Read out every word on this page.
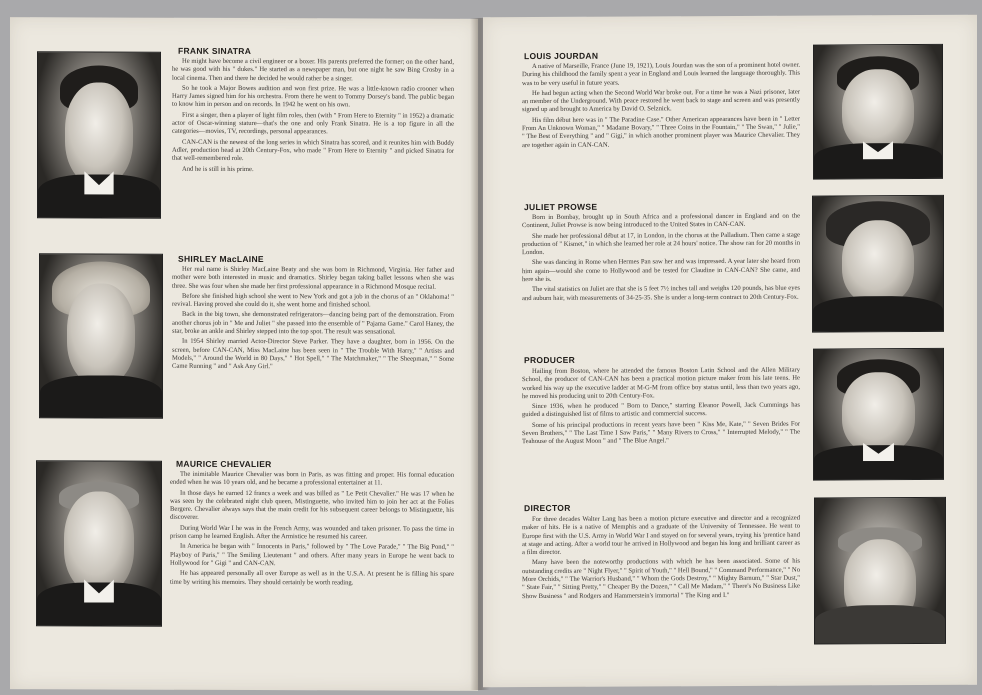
FRANK SINATRA

He might have become a civil engineer or a boxer. His parents preferred the former; on the other hand, he was good with his " dukes." He started as a newspaper man, but one night he saw Bing Crosby in a local cinema. Then and there he decided he would rather be a singer.

So he took a Major Bowes audition and won first prize. He was a little-known radio crooner when Harry James signed him for his orchestra. From there he went to Tommy Dorsey's band. The public began to know him in person and on records. In 1942 he went on his own.

First a singer, then a player of light film roles, then (with " From Here to Eternity " in 1952) a dramatic actor of Oscar-winning stature—that's the one and only Frank Sinatra. He is a top figure in all the categories—movies, TV, recordings, personal appearances.

CAN-CAN is the newest of the long series in which Sinatra has scored, and it reunites him with Buddy Adler, production head at 20th Century-Fox, who made " From Here to Eternity " and picked Sinatra for that well-remembered role.

And he is still in his prime.

SHIRLEY MacLAINE

Her real name is Shirley MacLaine Beaty and she was born in Richmond, Virginia. Her father and mother were both interested in music and dramatics. Shirley began taking ballet lessons when she was three. She was four when she made her first professional appearance in a Richmond Mosque recital.

Before she finished high school she went to New York and got a job in the chorus of an " Oklahoma! " revival. Having proved she could do it, she went home and finished school.

Back in the big town, she demonstrated refrigerators—dancing being part of the demonstration. From another chorus job in " Me and Juliet " she passed into the ensemble of " Pajama Game." Carol Haney, the star, broke an ankle and Shirley stepped into the top spot. The result was sensational.

In 1954 Shirley married Actor-Director Steve Parker. They have a daughter, born in 1956. On the screen, before CAN-CAN, Miss MacLaine has been seen in " The Trouble With Harry," " Artists and Models," " Around the World in 80 Days," " Hot Spell," " The Matchmaker," " The Sheepman," " Some Came Running " and " Ask Any Girl."

MAURICE CHEVALIER

The inimitable Maurice Chevalier was born in Paris, as was fitting and proper. His formal education ended when he was 10 years old, and he became a professional entertainer at 11.

In those days he earned 12 francs a week and was billed as " Le Petit Chevalier." He was 17 when he was seen by the celebrated night club queen, Mistinguette, who invited him to join her act at the Folies Bergere. Chevalier always says that the main credit for his subsequent career belongs to Mistinguette, his discoverer.

During World War I he was in the French Army, was wounded and taken prisoner. To pass the time in prison camp he learned English. After the Armistice he resumed his career.

In America he began with " Innocents in Paris," followed by " The Love Parade," " The Big Pond," " Playboy of Paris," " The Smiling Lieutenant " and others. After many years in Europe he went back to Hollywood for " Gigi " and CAN-CAN.

He has appeared personally all over Europe as well as in the U.S.A. At present he is filling his spare time by writing his memoirs. They should certainly be worth reading.

LOUIS JOURDAN

A native of Marseille, France (June 19, 1921), Louis Jourdan was the son of a prominent hotel owner. During his childhood the family spent a year in England and Louis learned the language thoroughly. This was to be very useful in future years.

He had begun acting when the Second World War broke out. For a time he was a Nazi prisoner, later an member of the Underground. With peace restored he went back to stage and screen and was presently signed up and brought to America by David O. Selznick.

His film début here was in " The Paradine Case." Other American appearances have been in " Letter From An Unknown Woman," " Madame Bovary," " Three Coins in the Fountain," " The Swan," " Julie," " The Best of Everything " and " Gigi," in which another prominent player was Maurice Chevalier. They are together again in CAN-CAN.

JULIET PROWSE

Born in Bombay, brought up in South Africa and a professional dancer in England and on the Continent, Juliet Prowse is now being introduced to the United States in CAN-CAN.

She made her professional début at 17, in London, in the chorus at the Palladium. Then came a stage production of " Kismet," in which she learned her role at 24 hours' notice. The show ran for 20 months in London.

She was dancing in Rome when Hermes Pan saw her and was impressed. A year later she heard from him again—would she come to Hollywood and be tested for Claudine in CAN-CAN? She came, and here she is.

The vital statistics on Juliet are that she is 5 feet 7½ inches tall and weighs 120 pounds, has blue eyes and auburn hair, with measurements of 34-25-35. She is under a long-term contract to 20th Century-Fox.

PRODUCER

Hailing from Boston, where he attended the famous Boston Latin School and the Allen Military School, the producer of CAN-CAN has been a practical motion picture maker from his late teens. He worked his way up the executive ladder at M-G-M from office boy status until, less than two years ago, he moved his producing unit to 20th Century-Fox.

Since 1936, when he produced " Born to Dance," starring Eleanor Powell, Jack Cummings has guided a distinguished list of films to artistic and commercial success.

Some of his principal productions in recent years have been " Kiss Me, Kate," " Seven Brides For Seven Brothers," " The Last Time I Saw Paris," " Many Rivers to Cross," " Interrupted Melody," " The Teahouse of the August Moon " and " The Blue Angel."

DIRECTOR

For three decades Walter Lang has been a motion picture executive and director and a recognized maker of hits. He is a native of Memphis and a graduate of the University of Tennessee. He went to Europe first with the U.S. Army in World War I and stayed on for several years, trying his 'prentice hand at stage and acting. After a world tour he arrived in Hollywood and began his long and brilliant career as a film director.

Many have been the noteworthy productions with which he has been associated. Some of his outstanding credits are " Night Flyer," " Spirit of Youth," " Hell Bound," " Command Performance," " No More Orchids," " The Warrior's Husband," " Whom the Gods Destroy," " Mighty Barnum," " Star Dust," " State Fair," " Sitting Pretty," " Cheaper By the Dozen," " Call Me Madam," " There's No Business Like Show Business " and Rodgers and Hammerstein's immortal " The King and I."
